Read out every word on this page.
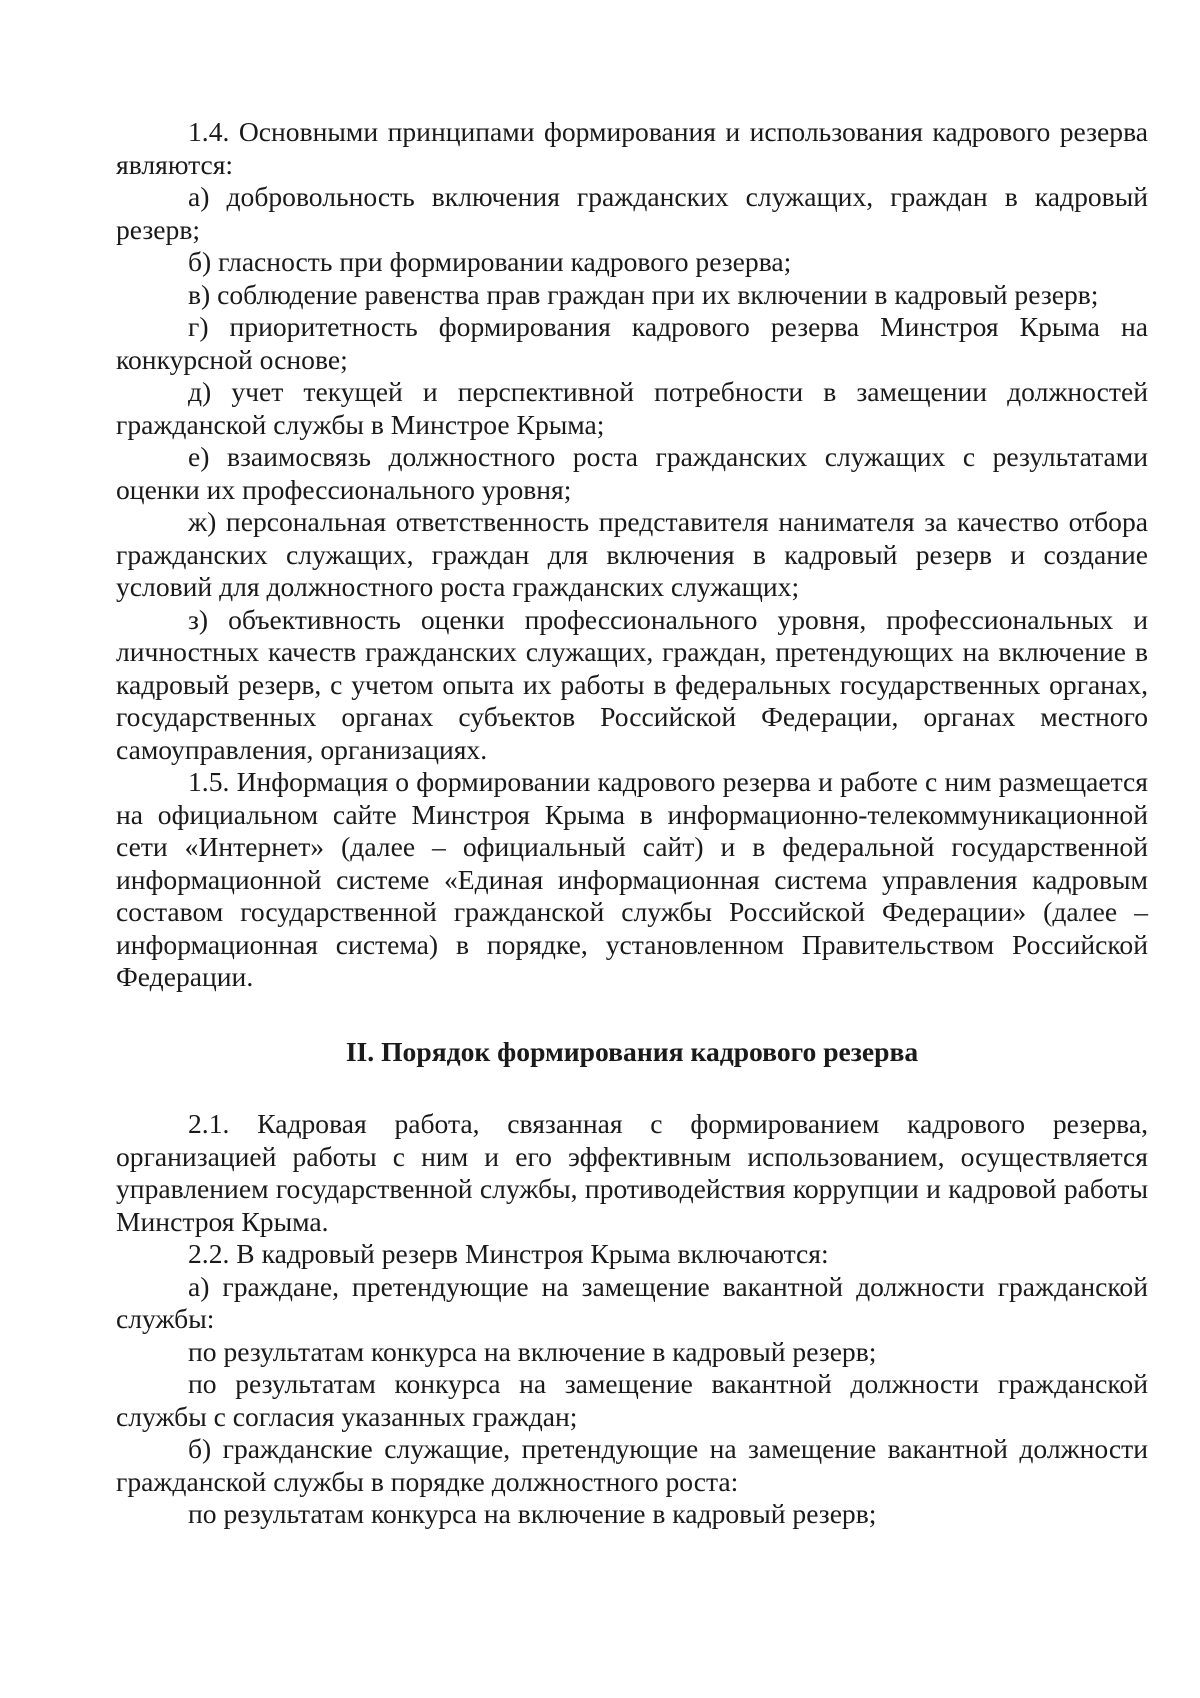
1.4. Основными принципами формирования и использования кадрового резерва являются:

а) добровольность включения гражданских служащих, граждан в кадровый резерв;

б) гласность при формировании кадрового резерва;

в) соблюдение равенства прав граждан при их включении в кадровый резерв;

г) приоритетность формирования кадрового резерва Минстроя Крыма на конкурсной основе;

д) учет текущей и перспективной потребности в замещении должностей гражданской службы в Минстрое Крыма;

е) взаимосвязь должностного роста гражданских служащих с результатами оценки их профессионального уровня;

ж) персональная ответственность представителя нанимателя за качество отбора гражданских служащих, граждан для включения в кадровый резерв и создание условий для должностного роста гражданских служащих;

з) объективность оценки профессионального уровня, профессиональных и личностных качеств гражданских служащих, граждан, претендующих на включение в кадровый резерв, с учетом опыта их работы в федеральных государственных органах, государственных органах субъектов Российской Федерации, органах местного самоуправления, организациях.

1.5. Информация о формировании кадрового резерва и работе с ним размещается на официальном сайте Минстроя Крыма в информационно-телекоммуникационной сети «Интернет» (далее – официальный сайт) и в федеральной государственной информационной системе «Единая информационная система управления кадровым составом государственной гражданской службы Российской Федерации» (далее – информационная система) в порядке, установленном Правительством Российской Федерации.

II. Порядок формирования кадрового резерва

2.1. Кадровая работа, связанная с формированием кадрового резерва, организацией работы с ним и его эффективным использованием, осуществляется управлением государственной службы, противодействия коррупции и кадровой работы Минстроя Крыма.

2.2. В кадровый резерв Минстроя Крыма включаются:

а) граждане, претендующие на замещение вакантной должности гражданской службы:

по результатам конкурса на включение в кадровый резерв;

по результатам конкурса на замещение вакантной должности гражданской службы с согласия указанных граждан;

б) гражданские служащие, претендующие на замещение вакантной должности гражданской службы в порядке должностного роста:

по результатам конкурса на включение в кадровый резерв;
